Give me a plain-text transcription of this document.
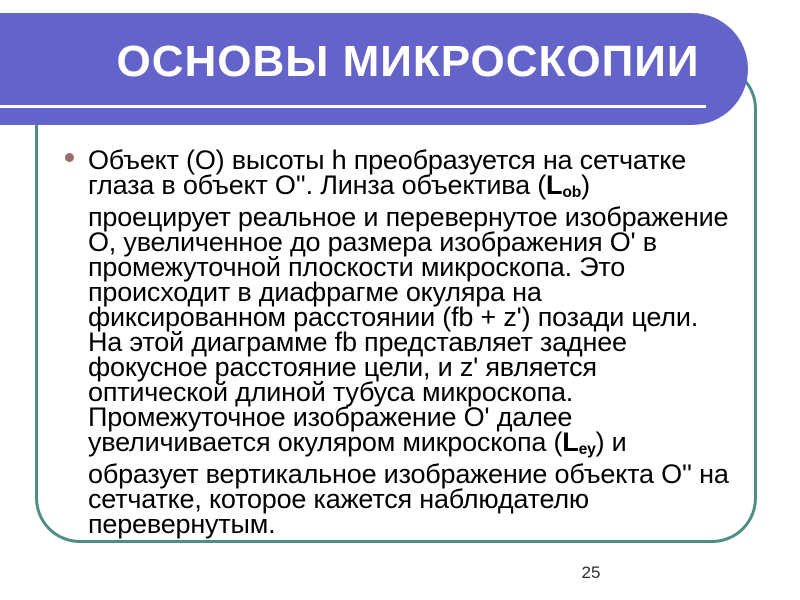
ОСНОВЫ МИКРОСКОПИИ
Объект (О) высоты h преобразуется на сетчатке
глаза в объект О''. Линза объектива (Lob)
проецирует реальное и перевернутое изображение
О, увеличенное до размера изображения О' в
промежуточной плоскости микроскопа. Это
происходит в диафрагме окуляра на
фиксированном расстоянии (fb + z') позади цели.
На этой диаграмме fb представляет заднее
фокусное расстояние цели, и z' является
оптической длиной тубуса микроскопа.
Промежуточное изображение О' далее
увеличивается окуляром микроскопа (Ley) и
образует вертикальное изображение объекта О'' на
сетчатке, которое кажется наблюдателю
перевернутым.
25
